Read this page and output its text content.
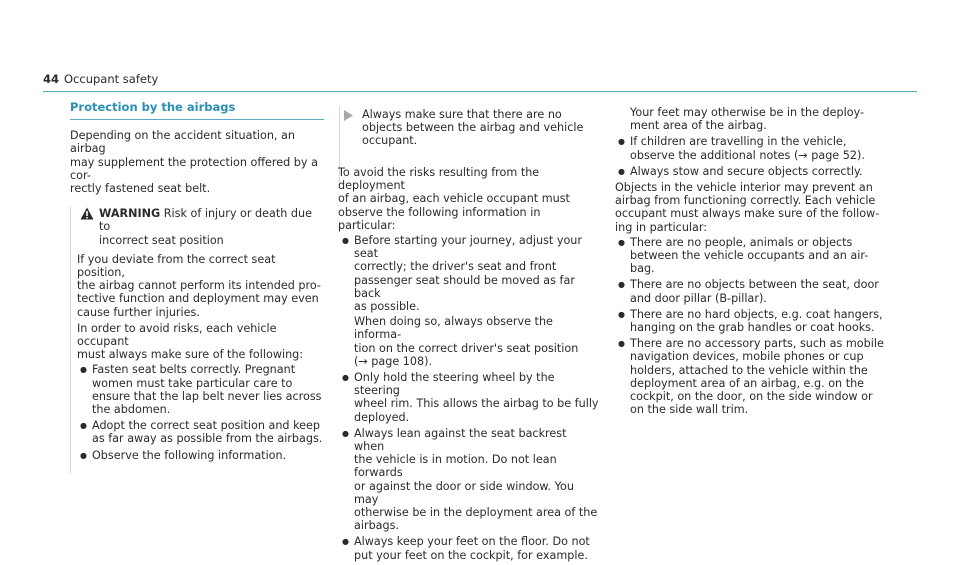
44 Occupant safety
Protection by the airbags

Depending on the accident situation, an airbag
may supplement the protection offered by a cor-
rectly fastened seat belt.

WARNING Risk of injury or death due to
incorrect seat position

If you deviate from the correct seat position,
the airbag cannot perform its intended pro-
tective function and deployment may even
cause further injuries.

In order to avoid risks, each vehicle occupant
must always make sure of the following:

● Fasten seat belts correctly. Pregnant
women must take particular care to
ensure that the lap belt never lies across
the abdomen.
● Adopt the correct seat position and keep
as far away as possible from the airbags.
● Observe the following information.
Always make sure that there are no
objects between the airbag and vehicle
occupant.

To avoid the risks resulting from the deployment
of an airbag, each vehicle occupant must
observe the following information in particular:

● Before starting your journey, adjust your seat
correctly; the driver's seat and front
passenger seat should be moved as far back
as possible.
When doing so, always observe the informa-
tion on the correct driver's seat position
(→ page 108).
● Only hold the steering wheel by the steering
wheel rim. This allows the airbag to be fully
deployed.
● Always lean against the seat backrest when
the vehicle is in motion. Do not lean forwards
or against the door or side window. You may
otherwise be in the deployment area of the
airbags.
● Always keep your feet on the floor. Do not
put your feet on the cockpit, for example.

Your feet may otherwise be in the deploy-
ment area of the airbag.

● If children are travelling in the vehicle,
observe the additional notes (→ page 52).
● Always stow and secure objects correctly.

Objects in the vehicle interior may prevent an
airbag from functioning correctly. Each vehicle
occupant must always make sure of the follow-
ing in particular:

● There are no people, animals or objects
between the vehicle occupants and an air-
bag.
● There are no objects between the seat, door
and door pillar (B-pillar).
● There are no hard objects, e.g. coat hangers,
hanging on the grab handles or coat hooks.
● There are no accessory parts, such as mobile
navigation devices, mobile phones or cup
holders, attached to the vehicle within the
deployment area of an airbag, e.g. on the
cockpit, on the door, on the side window or
on the side wall trim.
